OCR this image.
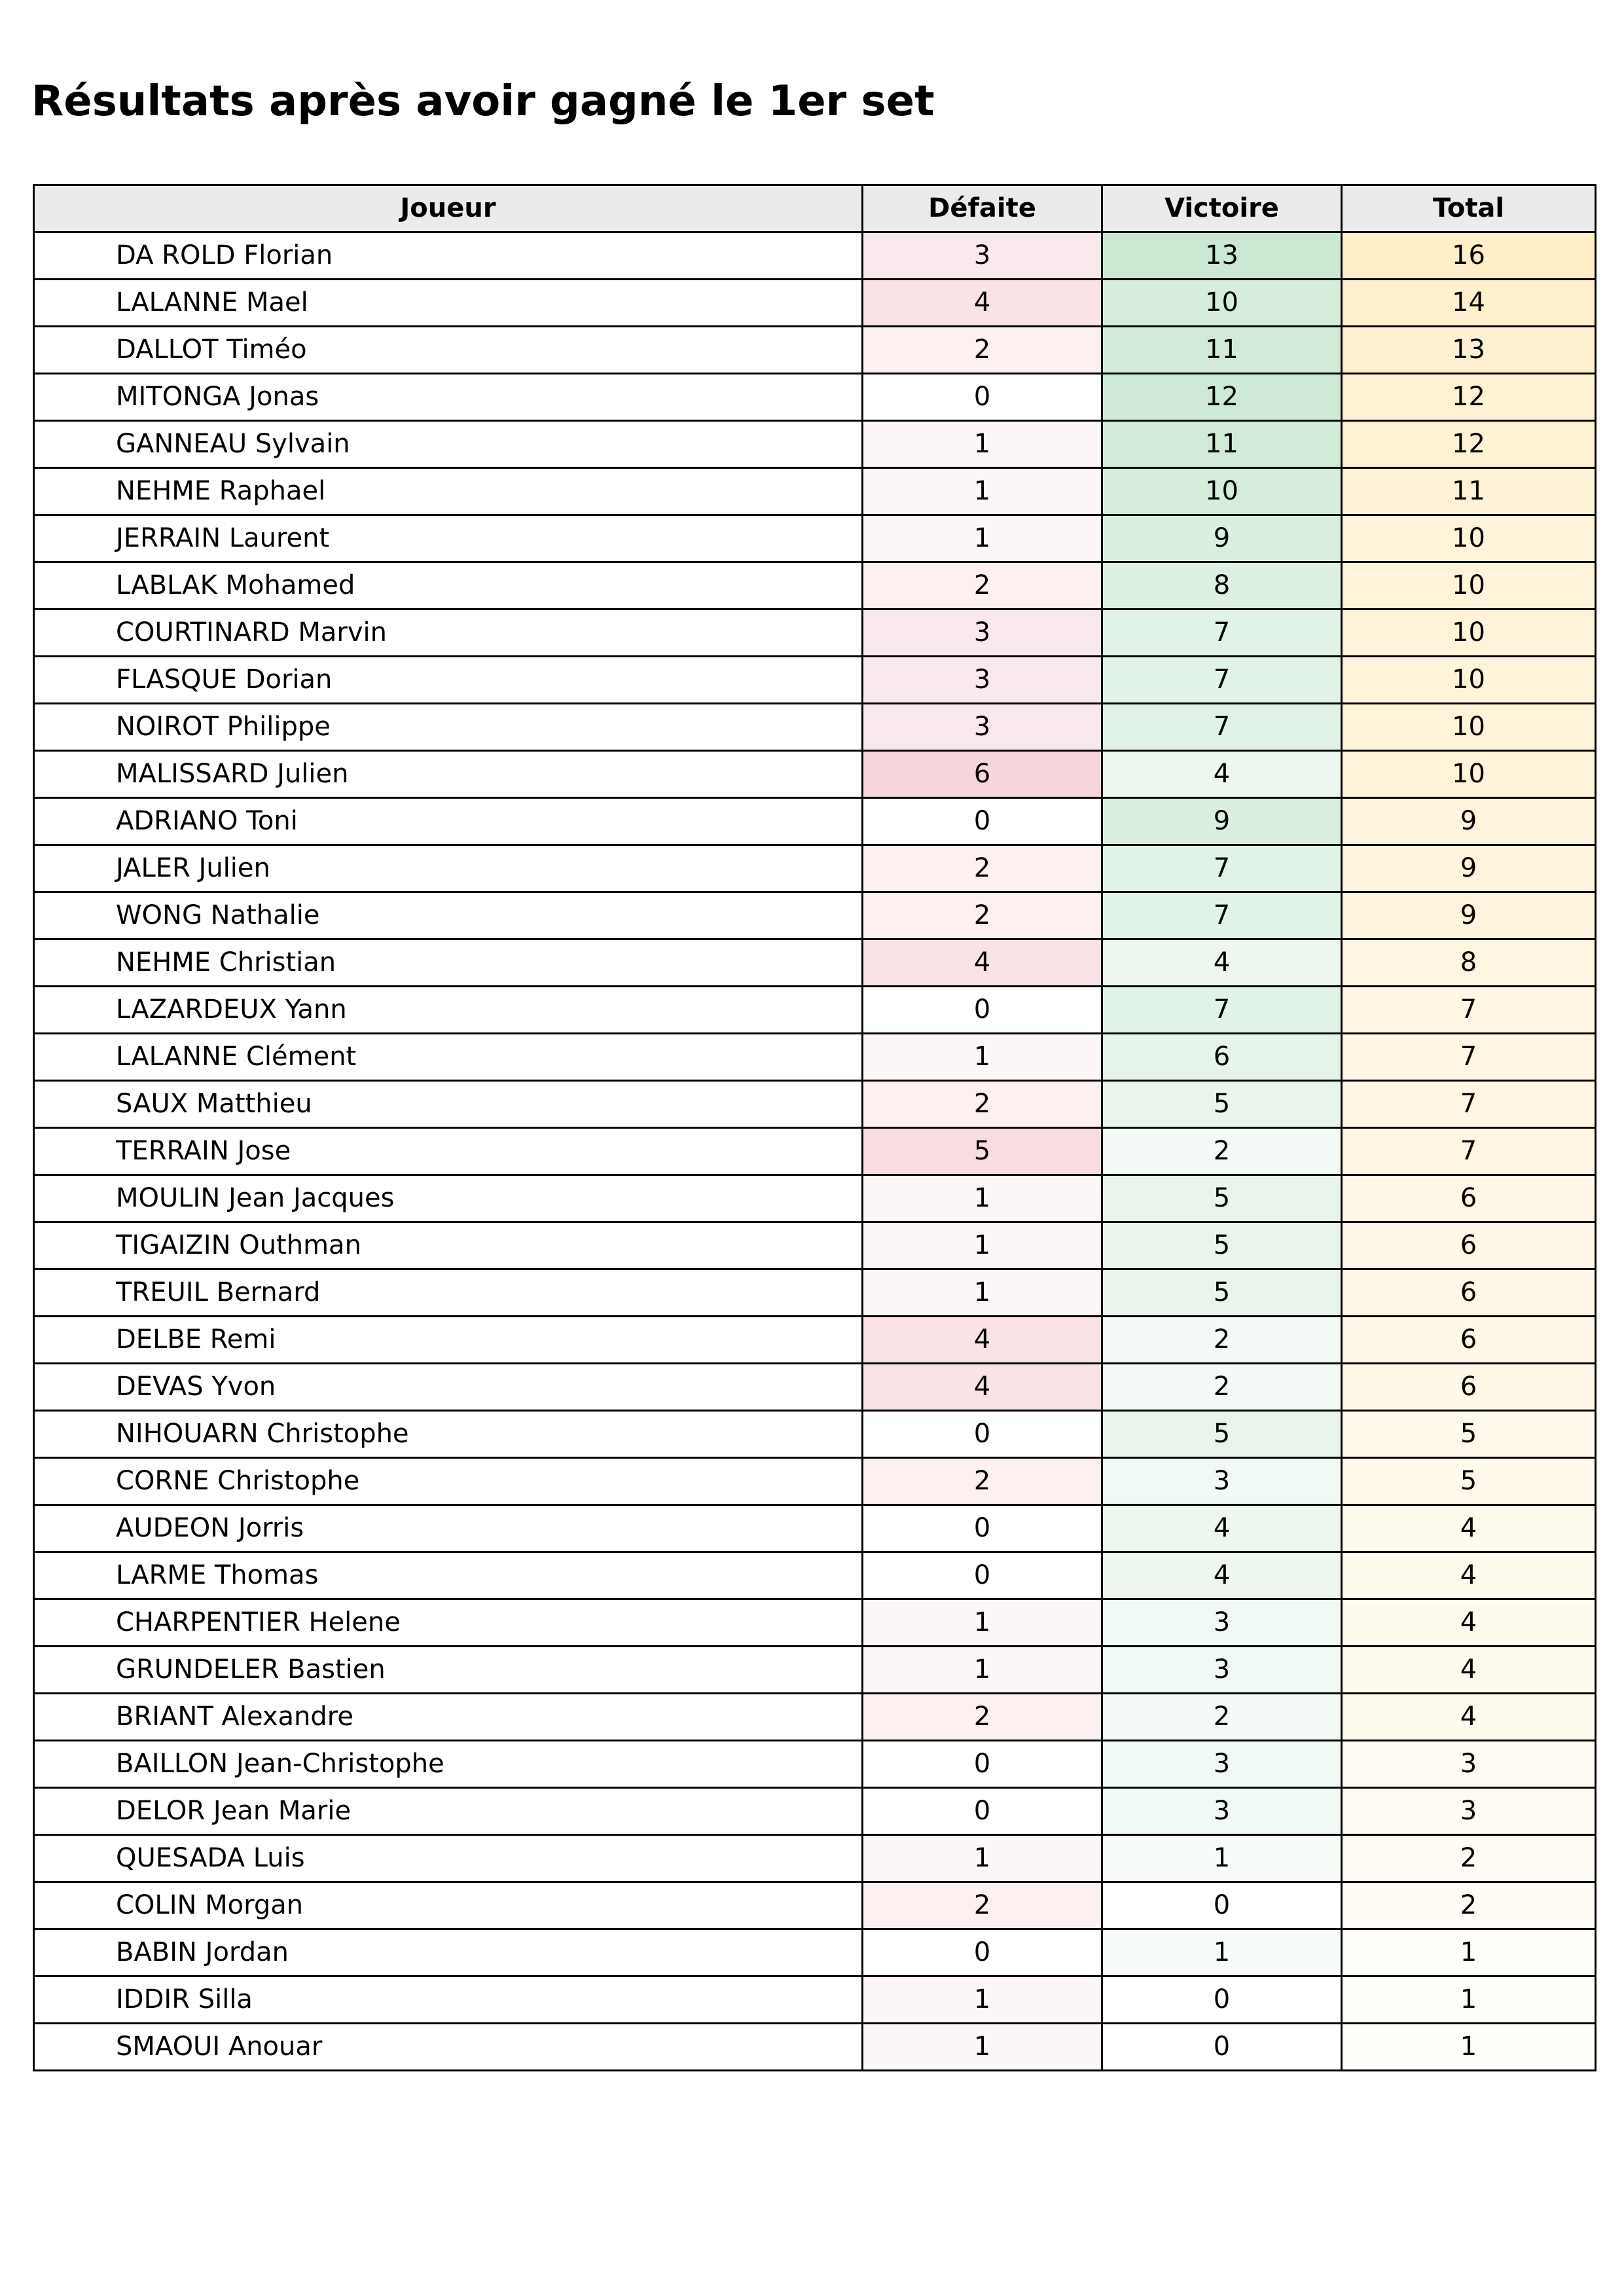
Résultats après avoir gagné le 1er set
Joueur	Défaite	Victoire	Total
DA ROLD Florian	3	13	16
LALANNE Mael	4	10	14
DALLOT Timéo	2	11	13
MITONGA Jonas	0	12	12
GANNEAU Sylvain	1	11	12
NEHME Raphael	1	10	11
JERRAIN Laurent	1	9	10
LABLAK Mohamed	2	8	10
COURTINARD Marvin	3	7	10
FLASQUE Dorian	3	7	10
NOIROT Philippe	3	7	10
MALISSARD Julien	6	4	10
ADRIANO Toni	0	9	9
JALER Julien	2	7	9
WONG Nathalie	2	7	9
NEHME Christian	4	4	8
LAZARDEUX Yann	0	7	7
LALANNE Clément	1	6	7
SAUX Matthieu	2	5	7
TERRAIN Jose	5	2	7
MOULIN Jean Jacques	1	5	6
TIGAIZIN Outhman	1	5	6
TREUIL Bernard	1	5	6
DELBE Remi	4	2	6
DEVAS Yvon	4	2	6
NIHOUARN Christophe	0	5	5
CORNE Christophe	2	3	5
AUDEON Jorris	0	4	4
LARME Thomas	0	4	4
CHARPENTIER Helene	1	3	4
GRUNDELER Bastien	1	3	4
BRIANT Alexandre	2	2	4
BAILLON Jean-Christophe	0	3	3
DELOR Jean Marie	0	3	3
QUESADA Luis	1	1	2
COLIN Morgan	2	0	2
BABIN Jordan	0	1	1
IDDIR Silla	1	0	1
SMAOUI Anouar	1	0	1
